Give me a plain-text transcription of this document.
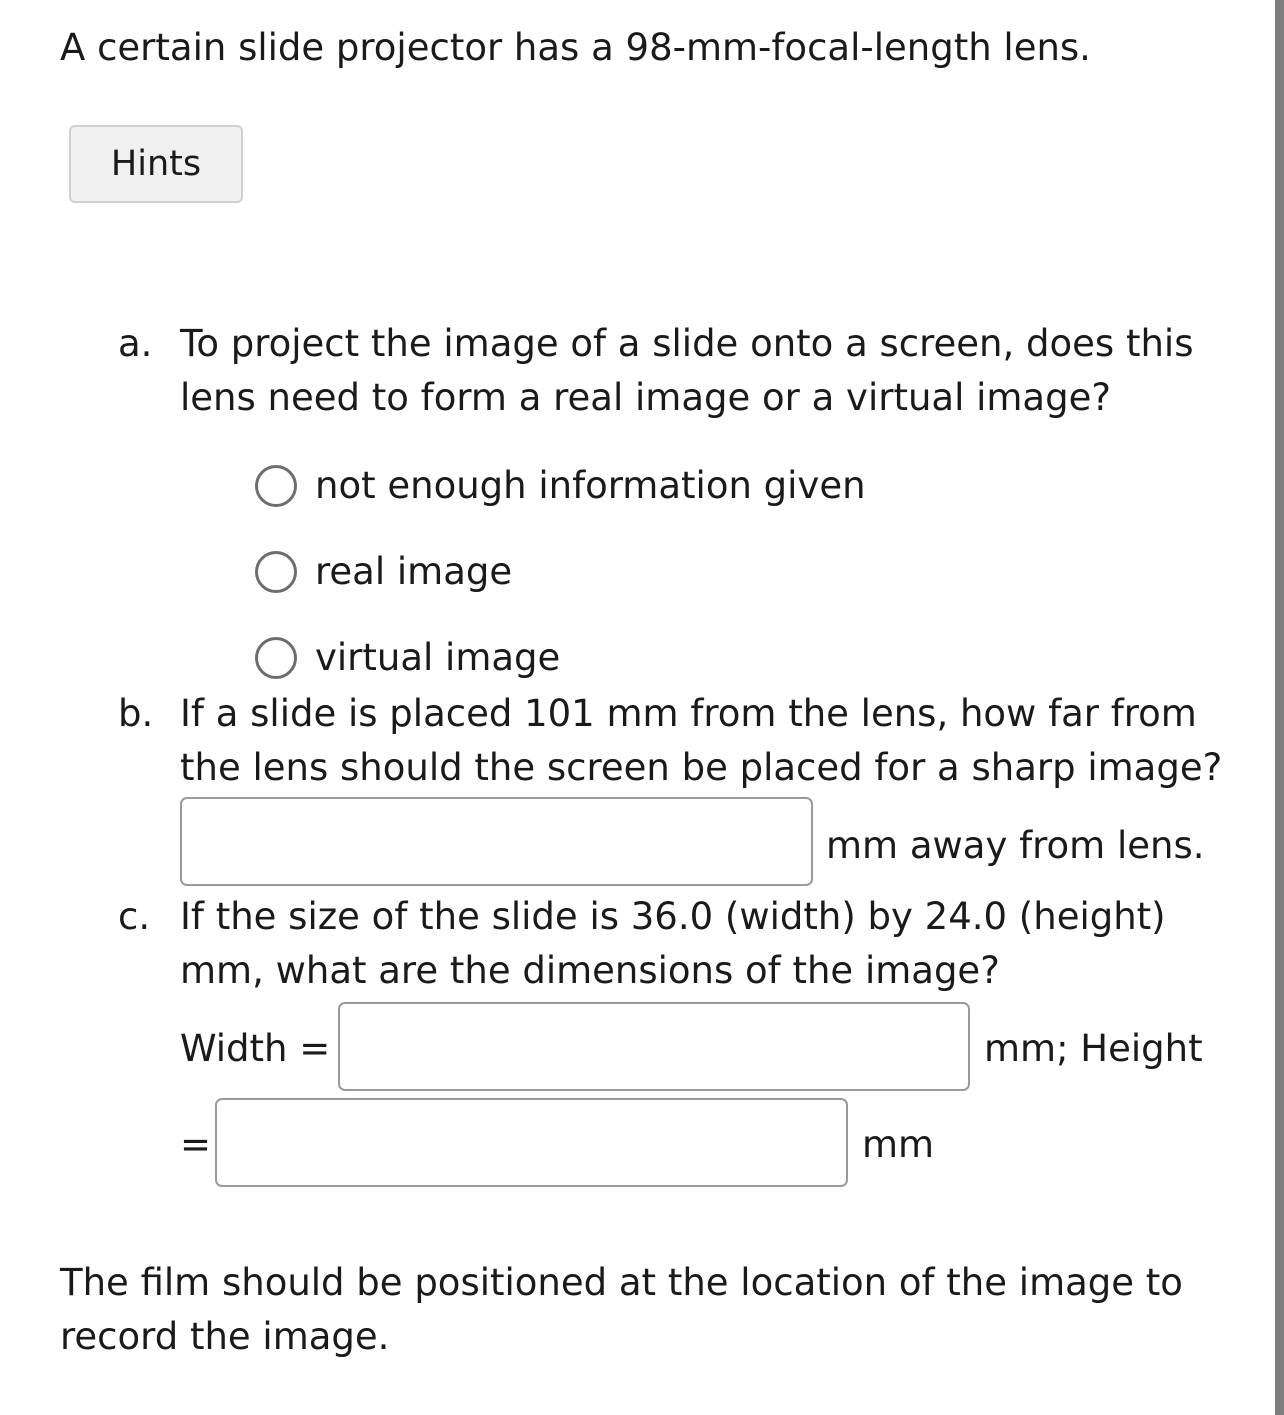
A certain slide projector has a 98-mm-focal-length lens.
Hints
a. To project the image of a slide onto a screen, does this
lens need to form a real image or a virtual image?
not enough information given
real image
virtual image
b. If a slide is placed 101 mm from the lens, how far from
the lens should the screen be placed for a sharp image?
mm away from lens.
c. If the size of the slide is 36.0 (width) by 24.0 (height)
mm, what are the dimensions of the image?
Width =	mm; Height
=	mm
The film should be positioned at the location of the image to
record the image.
